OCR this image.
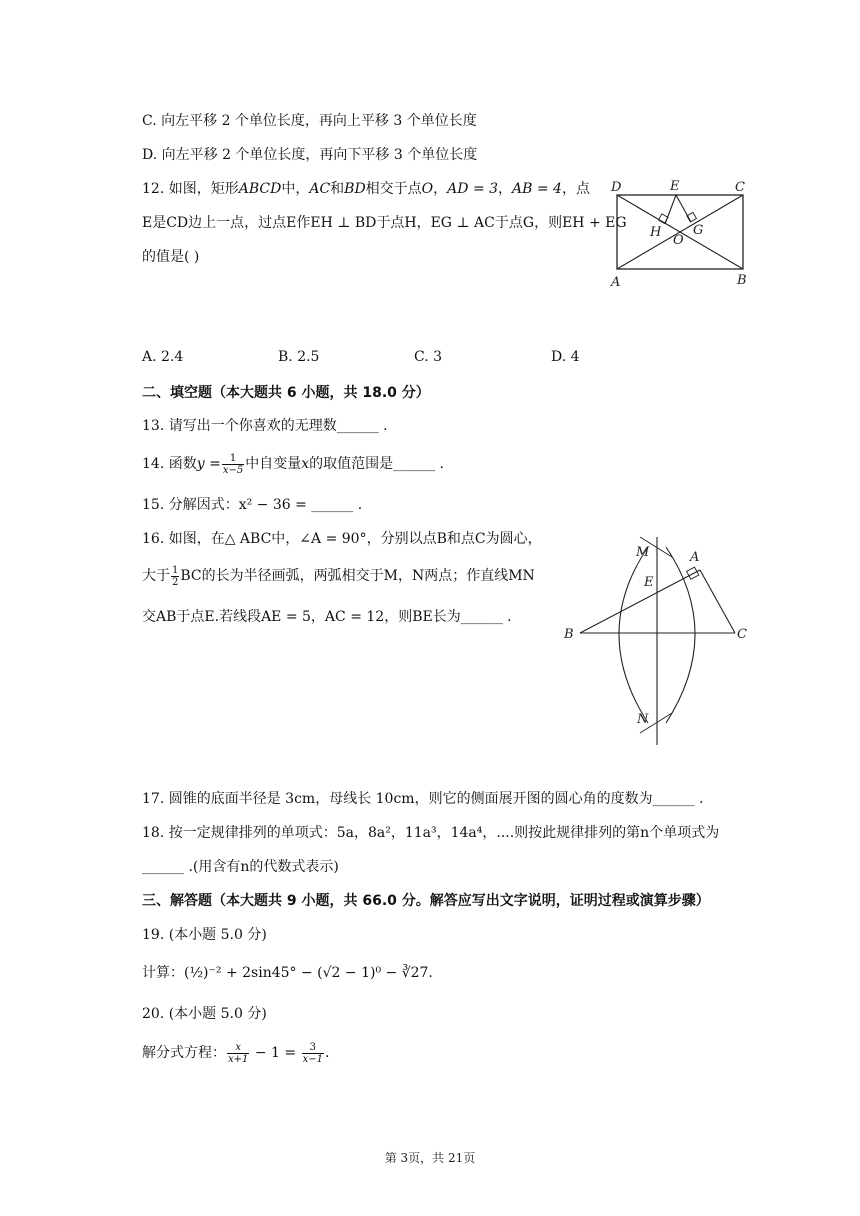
C. 向左平移 2 个单位长度，再向上平移 3 个单位长度
D. 向左平移 2 个单位长度，再向下平移 3 个单位长度
12. 如图，矩形ABCD中，AC和BD相交于点O，AD = 3，AB = 4，点
E是CD边上一点，过点E作EH ⊥ BD于点H，EG ⊥ AC于点G，则EH + EG
的值是( )
D	E	C
H
O
G
A	B
A. 2.4	B. 2.5	C. 3	D. 4
二、填空题（本大题共 6 小题，共 18.0 分）
13. 请写出一个你喜欢的无理数______ .
14. 函数$y = \frac{1}{x-5}$ 中自变量x的取值范围是______ .
15. 分解因式：x² − 36 = ______ .
16. 如图，在△ ABC中，∠A = 90°，分别以点B和点C为圆心，
大于 $\frac{1}{2}$ BC的长为半径画弧，两弧相交于M，N两点；作直线MN
交AB于点E.若线段AE = 5，AC = 12，则BE长为______ .
M	A
E
B	C
N
17. 圆锥的底面半径是 3cm，母线长 10cm，则它的侧面展开图的圆心角的度数为______ .
18. 按一定规律排列的单项式：5a，8a²，11a³，14a⁴，....则按此规律排列的第n个单项式为
______ .(用含有n的代数式表示)
三、解答题（本大题共 9 小题，共 66.0 分。解答应写出文字说明，证明过程或演算步骤）
19. (本小题 5.0 分)
计算：(½)⁻² + 2sin45° − (√2 − 1)⁰ − ∛27.
20. (本小题 5.0 分)
解分式方程： $\frac{x}{x+1} - 1 = \frac{3}{x-1}$ .
第 3页，共 21页
